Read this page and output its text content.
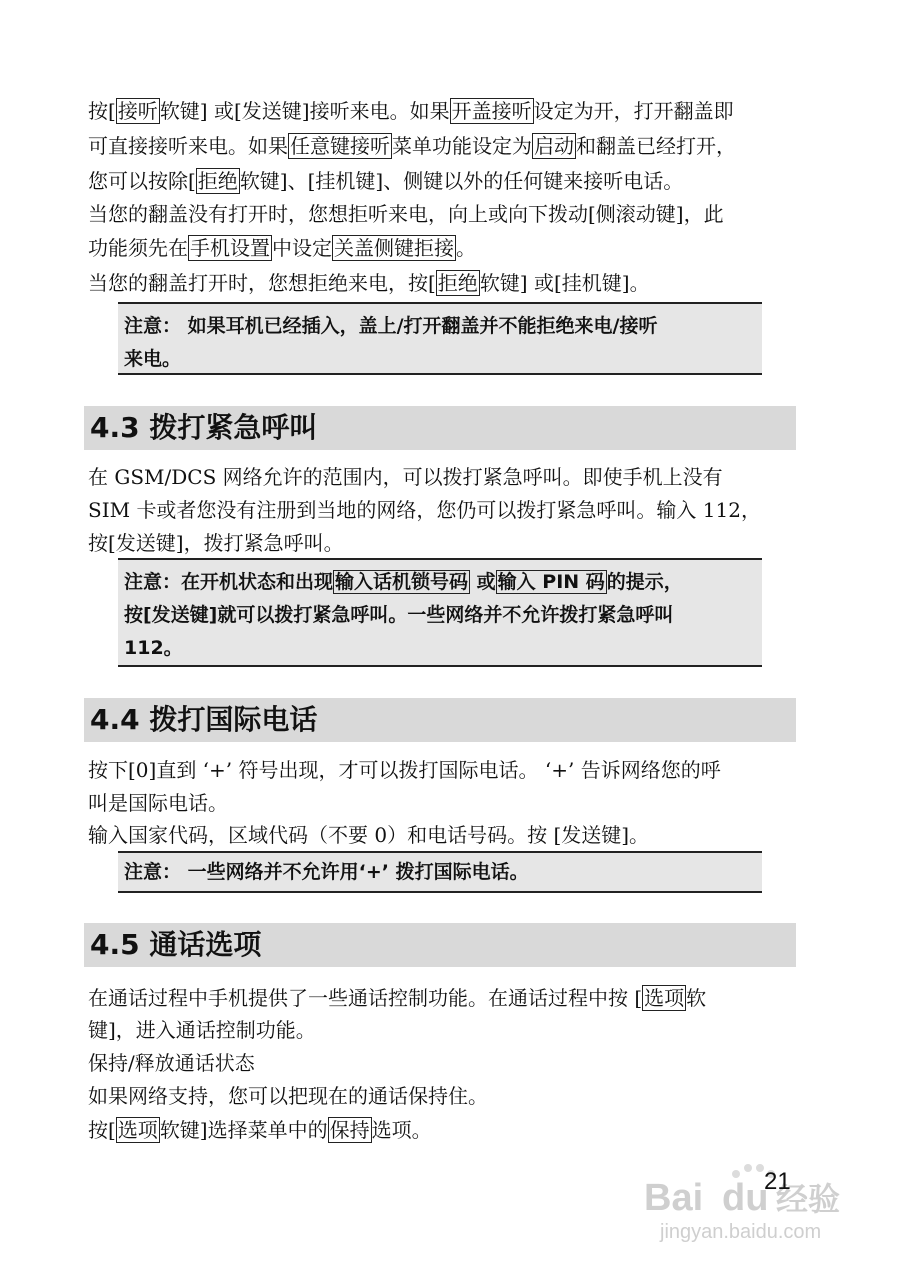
按[ 接听 软键] 或[发送键]接听来电。如果 开盖接听 设定为开，打开翻盖即
可直接接听来电。如果 任意键接听 菜单功能设定为 启动 和翻盖已经打开，
您可以按除[ 拒绝 软键]、[挂机键]、侧键以外的任何键来接听电话。
当您的翻盖没有打开时，您想拒听来电，向上或向下拨动[侧滚动键]，此
功能须先在 手机设置 中设定 关盖侧键拒接 。
当您的翻盖打开时，您想拒绝来电，按[ 拒绝 软键] 或[挂机键]。
注意： 如果耳机已经插入，盖上/打开翻盖并不能拒绝来电/接听
来电。
4.3 拨打紧急呼叫
在 GSM/DCS 网络允许的范围内，可以拨打紧急呼叫。即使手机上没有
SIM 卡或者您没有注册到当地的网络，您仍可以拨打紧急呼叫。输入 112，
按[发送键]，拨打紧急呼叫。
注意：在开机状态和出现 输入话机锁号码 或 输入 PIN 码 的提示，
按[发送键]就可以拨打紧急呼叫。一些网络并不允许拨打紧急呼叫
112。
4.4 拨打国际电话
按下[0]直到 ‘+’ 符号出现，才可以拨打国际电话。 ‘+’ 告诉网络您的呼
叫是国际电话。
输入国家代码，区域代码（不要 0）和电话号码。按 [发送键]。
注意： 一些网络并不允许用‘+’ 拨打国际电话。
4.5 通话选项
在通话过程中手机提供了一些通话控制功能。在通话过程中按 [ 选项 软
键]，进入通话控制功能。
保持/释放通话状态
如果网络支持，您可以把现在的通话保持住。
按[ 选项 软键]选择菜单中的 保持 选项。
Bai du 经验
jingyan.baidu.com
21
